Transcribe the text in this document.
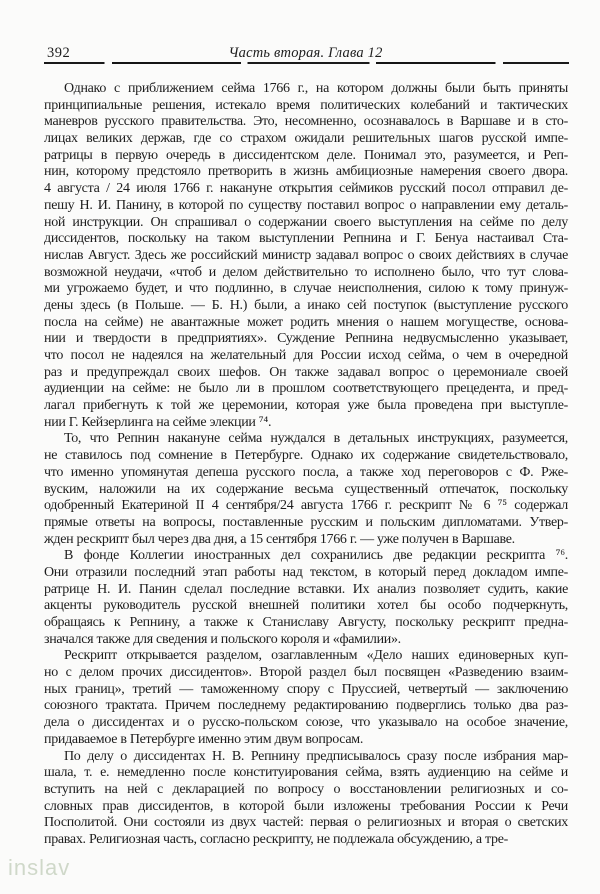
392	Часть вторая. Глава 12

Однако с приближением сейма 1766 г., на котором должны были быть приняты
принципиальные решения, истекало время политических колебаний и тактических
маневров русского правительства. Это, несомненно, осознавалось в Варшаве и в сто-
лицах великих держав, где со страхом ожидали решительных шагов русской импе-
ратрицы в первую очередь в диссидентском деле. Понимал это, разумеется, и Реп-
нин, которому предстояло претворить в жизнь амбициозные намерения своего двора.
4 августа / 24 июля 1766 г. накануне открытия сеймиков русский посол отправил де-
пешу Н. И. Панину, в которой по существу поставил вопрос о направлении ему деталь-
ной инструкции. Он спрашивал о содержании своего выступления на сейме по делу
диссидентов, поскольку на таком выступлении Репнина и Г. Бенуа настаивал Ста-
нислав Август. Здесь же российский министр задавал вопрос о своих действиях в случае
возможной неудачи, «чтоб и делом действительно то исполнено было, что тут слова-
ми угрожаемо будет, и что подлинно, в случае неисполнения, силою к тому принуж-
дены здесь (в Польше. — Б. Н.) были, а инако сей поступок (выступление русского
посла на сейме) не авантажные может родить мнения о нашем могуществе, основа-
нии и твердости в предприятиях». Суждение Репнина недвусмысленно указывает,
что посол не надеялся на желательный для России исход сейма, о чем в очередной
раз и предупреждал своих шефов. Он также задавал вопрос о церемониале своей
аудиенции на сейме: не было ли в прошлом соответствующего прецедента, и пред-
лагал прибегнуть к той же церемонии, которая уже была проведена при выступле-
нии Г. Кейзерлинга на сейме элекции ⁷⁴.

То, что Репнин накануне сейма нуждался в детальных инструкциях, разумеется,
не ставилось под сомнение в Петербурге. Однако их содержание свидетельствовало,
что именно упомянутая депеша русского посла, а также ход переговоров с Ф. Рже-
вуским, наложили на их содержание весьма существенный отпечаток, поскольку
одобренный Екатериной II 4 сентября/24 августа 1766 г. рескрипт № 6 ⁷⁵ содержал
прямые ответы на вопросы, поставленные русским и польским дипломатами. Утвер-
жден рескрипт был через два дня, а 15 сентября 1766 г. — уже получен в Варшаве.

В фонде Коллегии иностранных дел сохранились две редакции рескрипта ⁷⁶.
Они отразили последний этап работы над текстом, в который перед докладом импе-
ратрице Н. И. Панин сделал последние вставки. Их анализ позволяет судить, какие
акценты руководитель русской внешней политики хотел бы особо подчеркнуть,
обращаясь к Репнину, а также к Станиславу Августу, поскольку рескрипт предна-
значался также для сведения и польского короля и «фамилии».

Рескрипт открывается разделом, озаглавленным «Дело наших единоверных куп-
но с делом прочих диссидентов». Второй раздел был посвящен «Разведению взаим-
ных границ», третий — таможенному спору с Пруссией, четвертый — заключению
союзного трактата. Причем последнему редактированию подверглись только два раз-
дела о диссидентах и о русско-польском союзе, что указывало на особое значение,
придаваемое в Петербурге именно этим двум вопросам.

По делу о диссидентах Н. В. Репнину предписывалось сразу после избрания мар-
шала, т. е. немедленно после конституирования сейма, взять аудиенцию на сейме и
вступить на ней с декларацией по вопросу о восстановлении религиозных и со-
словных прав диссидентов, в которой были изложены требования России к Речи
Посполитой. Они состояли из двух частей: первая о религиозных и вторая о светских
правах. Религиозная часть, согласно рескрипту, не подлежала обсуждению, а тре-

inslav
